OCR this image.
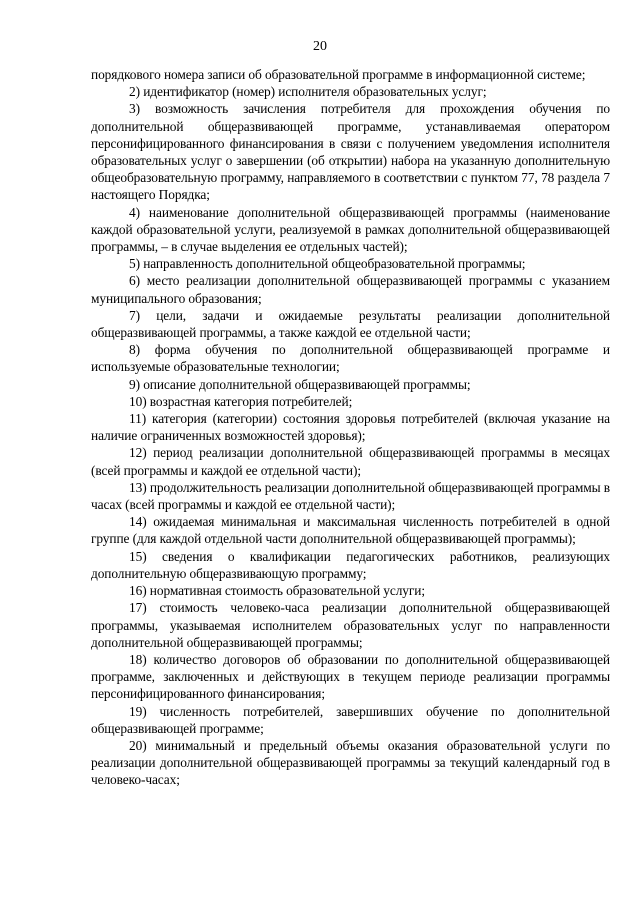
20

порядкового номера записи об образовательной программе в информационной системе;

2) идентификатор (номер) исполнителя образовательных услуг;

3) возможность зачисления потребителя для прохождения обучения по дополнительной общеразвивающей программе, устанавливаемая оператором персонифицированного финансирования в связи с получением уведомления исполнителя образовательных услуг о завершении (об открытии) набора на указанную дополнительную общеобразовательную программу, направляемого в соответствии с пунктом 77, 78 раздела 7 настоящего Порядка;

4) наименование дополнительной общеразвивающей программы (наименование каждой образовательной услуги, реализуемой в рамках дополнительной общеразвивающей программы, – в случае выделения ее отдельных частей);

5) направленность дополнительной общеобразовательной программы;

6) место реализации дополнительной общеразвивающей программы с указанием муниципального образования;

7) цели, задачи и ожидаемые результаты реализации дополнительной общеразвивающей программы, а также каждой ее отдельной части;

8) форма обучения по дополнительной общеразвивающей программе и используемые образовательные технологии;

9) описание дополнительной общеразвивающей программы;

10) возрастная категория потребителей;

11) категория (категории) состояния здоровья потребителей (включая указание на наличие ограниченных возможностей здоровья);

12) период реализации дополнительной общеразвивающей программы в месяцах (всей программы и каждой ее отдельной части);

13) продолжительность реализации дополнительной общеразвивающей программы в часах (всей программы и каждой ее отдельной части);

14) ожидаемая минимальная и максимальная численность потребителей в одной группе (для каждой отдельной части дополнительной общеразвивающей программы);

15) сведения о квалификации педагогических работников, реализующих дополнительную общеразвивающую программу;

16) нормативная стоимость образовательной услуги;

17) стоимость человеко-часа реализации дополнительной общеразвивающей программы, указываемая исполнителем образовательных услуг по направленности дополнительной общеразвивающей программы;

18) количество договоров об образовании по дополнительной общеразвивающей программе, заключенных и действующих в текущем периоде реализации программы персонифицированного финансирования;

19) численность потребителей, завершивших обучение по дополнительной общеразвивающей программе;

20) минимальный и предельный объемы оказания образовательной услуги по реализации дополнительной общеразвивающей программы за текущий календарный год в человеко-часах;
